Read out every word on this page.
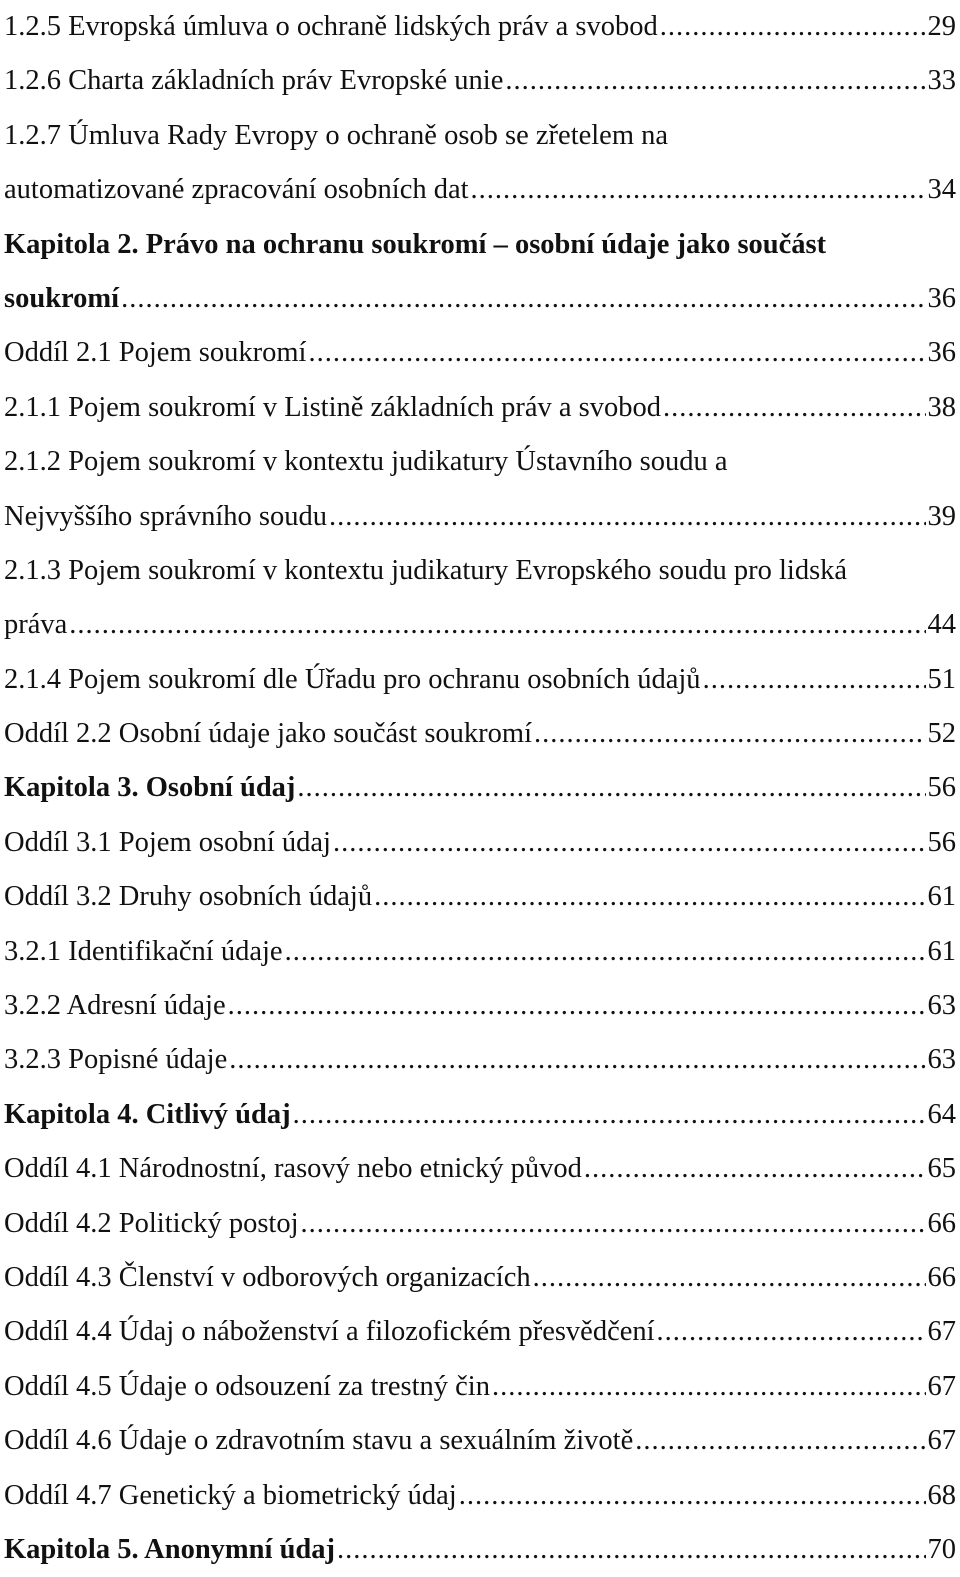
1.2.5 Evropská úmluva o ochraně lidských práv a svobod .....	29
1.2.6 Charta základních práv Evropské unie .....	33
1.2.7 Úmluva Rady Evropy o ochraně osob se zřetelem na
automatizované zpracování osobních dat .....	34
Kapitola 2. Právo na ochranu soukromí – osobní údaje jako součást
soukromí .....	36
Oddíl 2.1 Pojem soukromí .....	36
2.1.1 Pojem soukromí v Listině základních práv a svobod .....	38
2.1.2 Pojem soukromí v kontextu judikatury Ústavního soudu a
Nejvyššího správního soudu .....	39
2.1.3 Pojem soukromí v kontextu judikatury Evropského soudu pro lidská
práva .....	44
2.1.4 Pojem soukromí dle Úřadu pro ochranu osobních údajů .....	51
Oddíl 2.2 Osobní údaje jako součást soukromí .....	52
Kapitola 3. Osobní údaj .....	56
Oddíl 3.1 Pojem osobní údaj .....	56
Oddíl 3.2 Druhy osobních údajů .....	61
3.2.1 Identifikační údaje .....	61
3.2.2 Adresní údaje .....	63
3.2.3 Popisné údaje .....	63
Kapitola 4. Citlivý údaj .....	64
Oddíl 4.1 Národnostní, rasový nebo etnický původ .....	65
Oddíl 4.2 Politický postoj .....	66
Oddíl 4.3 Členství v odborových organizacích .....	66
Oddíl 4.4 Údaj o náboženství a filozofickém přesvědčení .....	67
Oddíl 4.5 Údaje o odsouzení za trestný čin .....	67
Oddíl 4.6 Údaje o zdravotním stavu a sexuálním životě .....	67
Oddíl 4.7 Genetický a biometrický údaj .....	68
Kapitola 5. Anonymní údaj .....	70
